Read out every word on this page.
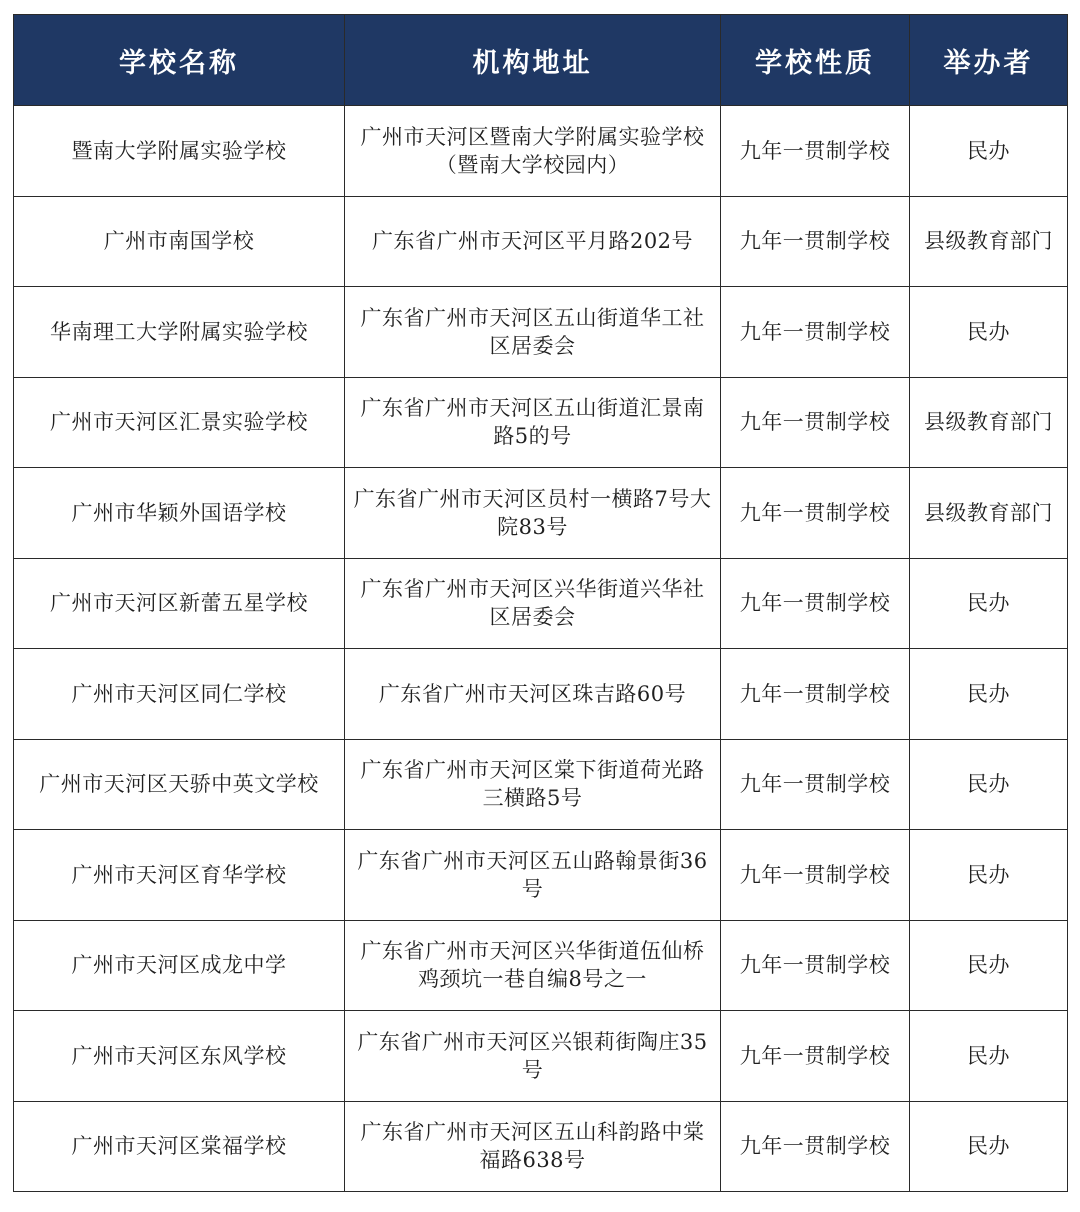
学校名称	机构地址	学校性质	举办者
暨南大学附属实验学校	广州市天河区暨南大学附属实验学校（暨南大学校园内）	九年一贯制学校	民办
广州市南国学校	广东省广州市天河区平月路202号	九年一贯制学校	县级教育部门
华南理工大学附属实验学校	广东省广州市天河区五山街道华工社区居委会	九年一贯制学校	民办
广州市天河区汇景实验学校	广东省广州市天河区五山街道汇景南路5的号	九年一贯制学校	县级教育部门
广州市华颖外国语学校	广东省广州市天河区员村一横路7号大院83号	九年一贯制学校	县级教育部门
广州市天河区新蕾五星学校	广东省广州市天河区兴华街道兴华社区居委会	九年一贯制学校	民办
广州市天河区同仁学校	广东省广州市天河区珠吉路60号	九年一贯制学校	民办
广州市天河区天骄中英文学校	广东省广州市天河区棠下街道荷光路三横路5号	九年一贯制学校	民办
广州市天河区育华学校	广东省广州市天河区五山路翰景街36号	九年一贯制学校	民办
广州市天河区成龙中学	广东省广州市天河区兴华街道伍仙桥鸡颈坑一巷自编8号之一	九年一贯制学校	民办
广州市天河区东风学校	广东省广州市天河区兴银莉街陶庄35号	九年一贯制学校	民办
广州市天河区棠福学校	广东省广州市天河区五山科韵路中棠福路638号	九年一贯制学校	民办
